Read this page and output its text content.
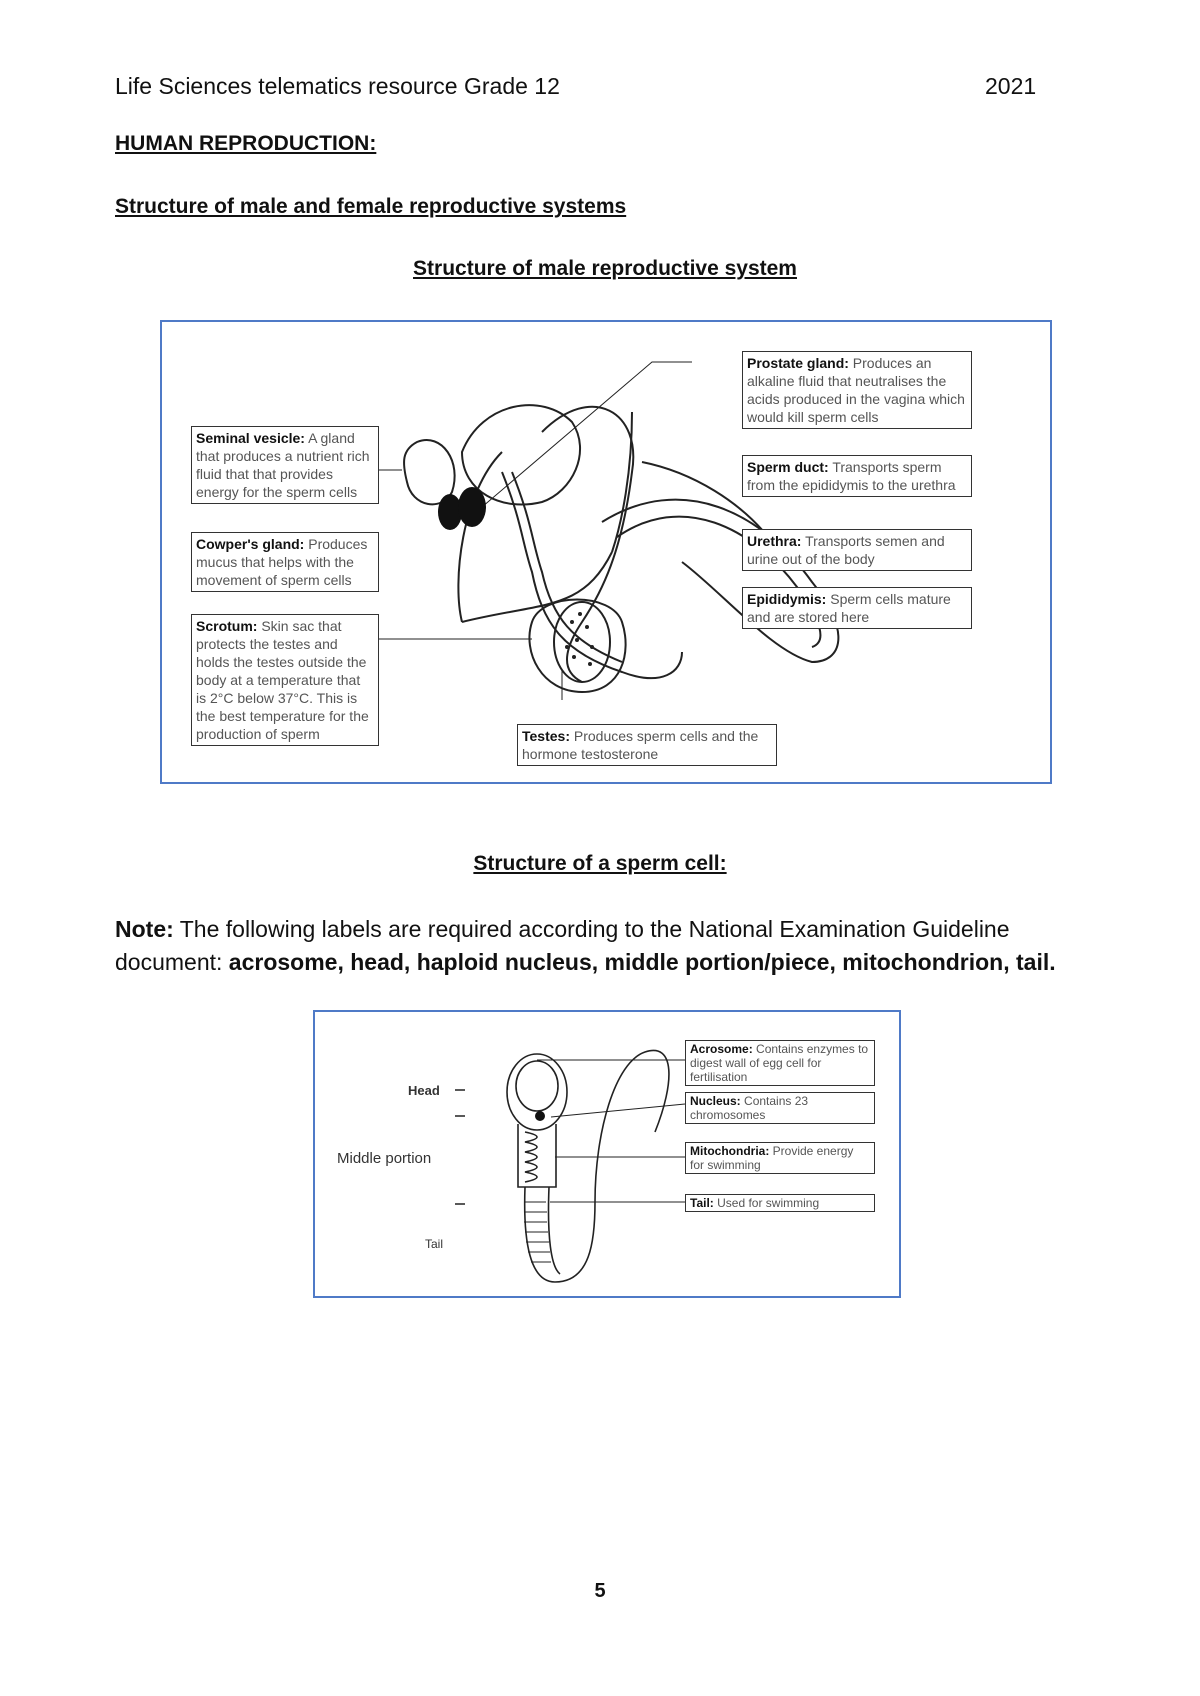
Life Sciences telematics resource Grade 12	2021
HUMAN REPRODUCTION:
Structure of male and female reproductive systems
Structure of male reproductive system
Prostate gland: Produces an alkaline fluid that neutralises the acids produced in the vagina which would kill sperm cells
Sperm duct: Transports sperm from the epididymis to the urethra
Urethra: Transports semen and urine out of the body
Epididymis: Sperm cells mature and are stored here
Seminal vesicle: A gland that produces a nutrient rich fluid that that provides energy for the sperm cells
Cowper's gland: Produces mucus that helps with the movement of sperm cells
Scrotum: Skin sac that protects the testes and holds the testes outside the body at a temperature that is 2°C below 37°C. This is the best temperature for the production of sperm	Testes: Produces sperm cells and the hormone testosterone
Structure of a sperm cell:
Note: The following labels are required according to the National Examination Guideline document: acrosome, head, haploid nucleus, middle portion/piece, mitochondrion, tail.
Head
Middle portion
Tail
Acrosome: Contains enzymes to digest wall of egg cell for fertilisation
Nucleus: Contains 23 chromosomes
Mitochondria: Provide energy for swimming
Tail: Used for swimming
5
